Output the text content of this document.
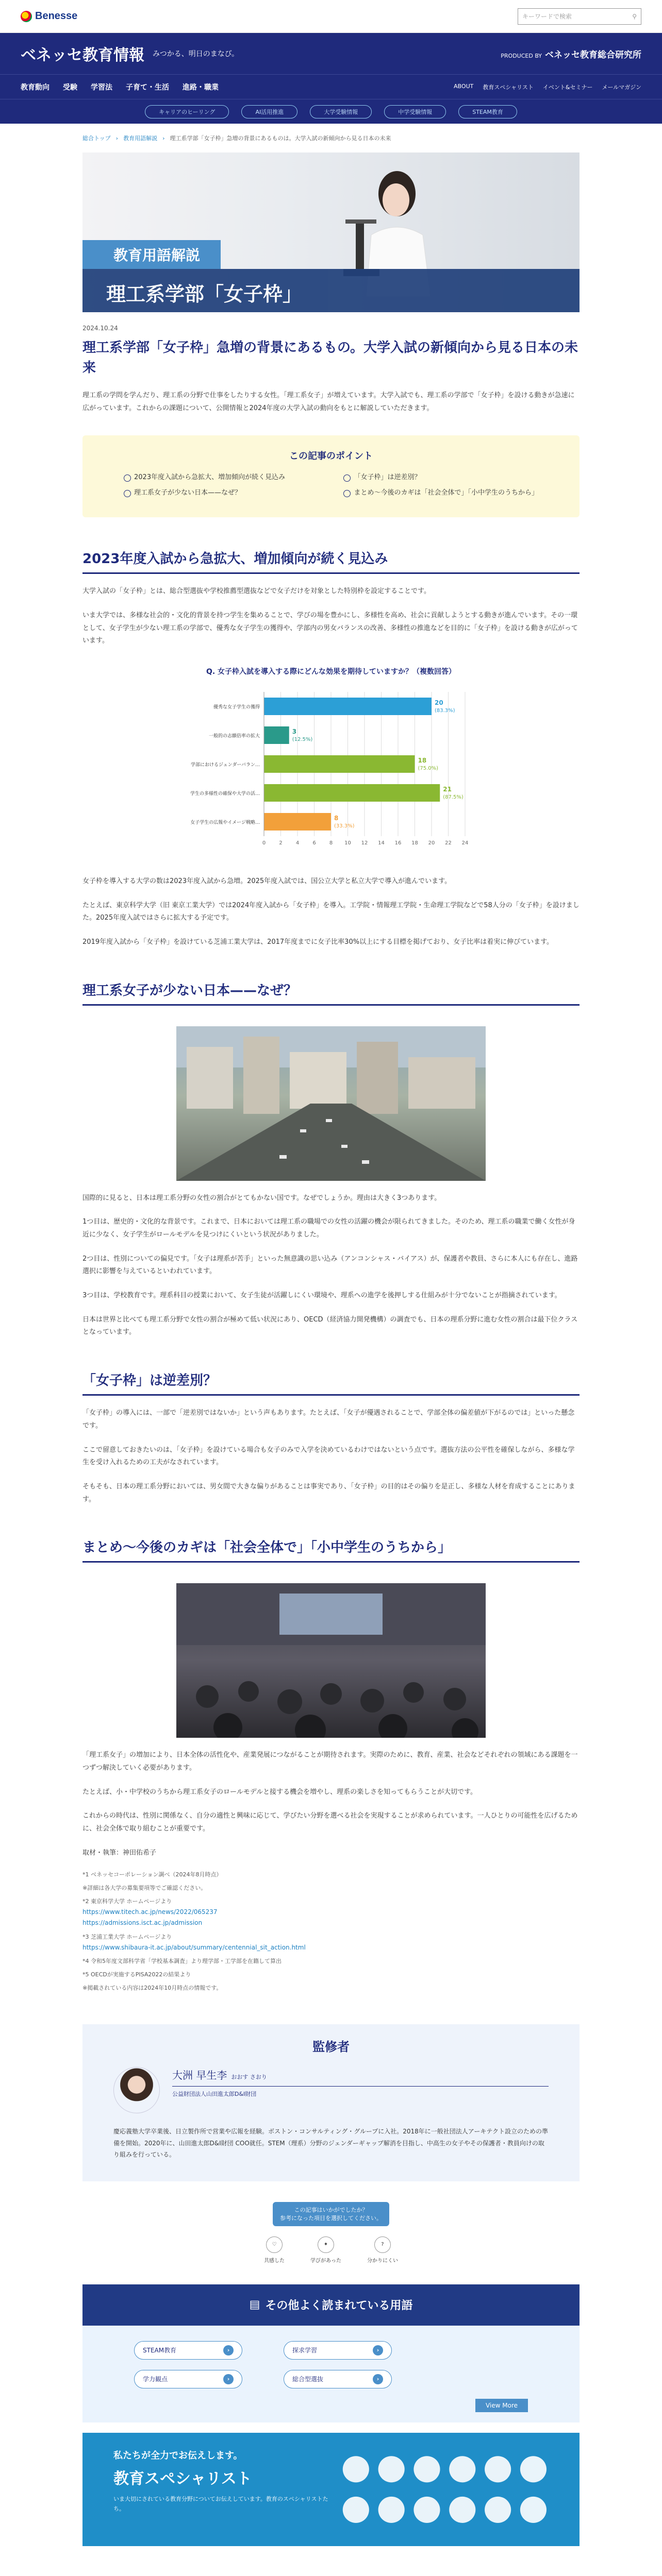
Benesse	キーワードで検索	⚲
ベネッセ教育情報 みつかる、明日のまなび。	PRODUCED BY ベネッセ教育総合研究所
教育動向 受験 学習法 子育て・生活 進路・職業	ABOUT 教育スペシャリスト イベント&セミナー メールマガジン
キャリアのヒーリング	AI活用推進	大学受験情報	中学受験情報	STEAM教育
総合トップ › 教育用語解説 › 理工系学部「女子枠」急増の背景にあるものは。大学入試の新傾向から見る日本の未来
教育用語解説
理工系学部「女子枠」
2024.10.24
理工系学部「女子枠」急増の背景にあるもの。大学入試の新傾向から見る日本の未来

理工系の学問を学んだり、理工系の分野で仕事をしたりする女性。「理工系女子」が増えています。大学入試でも、理工系の学部で「女子枠」を設ける動きが急速に広がっています。これからの課題について、公開情報と2024年度の大学入試の動向をもとに解説していただきます。

この記事のポイント
2023年度入試から急拡大、増加傾向が続く見込み
理工系女子が少ない日本——なぜ？
「女子枠」は逆差別？
まとめ～今後のカギは「社会全体で」「小中学生のうちから」
2023年度入試から急拡大、増加傾向が続く見込み

大学入試の「女子枠」とは、総合型選抜や学校推薦型選抜などで女子だけを対象とした特別枠を設定することです。

いま大学では、多様な社会的・文化的背景を持つ学生を集めることで、学びの場を豊かにし、多様性を高め、社会に貢献しようとする動きが進んでいます。その一環として、女子学生が少ない理工系の学部で、優秀な女子学生の獲得や、学部内の男女バランスの改善、多様性の推進などを目的に「女子枠」を設ける動きが広がっています。

Q. 女子枠入試を導入する際にどんな効果を期待していますか？（複数回答）
0	2	4	6	8 10 12 14 16 18 20 22 24
優秀な女子学生の獲得
20
(83.3%)
一般的の志願倍率の拡大
3
(12.5%)
学部におけるジェンダーバラン…
18
(75.0%)
学生の多様性の確保や大学の活…
21
(87.5%)
女子学生の広報やイメージ戦略…
8
(33.3%)

女子枠を導入する大学の数は2023年度入試から急増。2025年度入試では、国公立大学と私立大学で導入が進んでいます。

たとえば、東京科学大学（旧 東京工業大学）では2024年度入試から「女子枠」を導入。工学院・情報理工学院・生命理工学院などで58人分の「女子枠」を設けました。2025年度入試ではさらに拡大する予定です。

2019年度入試から「女子枠」を設けている芝浦工業大学は、2017年度までに女子比率30%以上にする目標を掲げており、女子比率は着実に伸びています。

理工系女子が少ない日本——なぜ？

国際的に見ると、日本は理工系分野の女性の割合がとてもかない国です。なぜでしょうか。理由は大きく3つあります。

1つ目は、歴史的・文化的な背景です。これまで、日本においては理工系の職場での女性の活躍の機会が限られてきました。そのため、理工系の職業で働く女性が身近に少なく、女子学生がロールモデルを見つけにくいという状況がありました。

2つ目は、性別についての偏見です。「女子は理系が苦手」といった無意識の思い込み（アンコンシャス・バイアス）が、保護者や教員、さらに本人にも存在し、進路選択に影響を与えているといわれています。

3つ目は、学校教育です。理系科目の授業において、女子生徒が活躍しにくい環境や、理系への進学を後押しする仕組みが十分でないことが指摘されています。

日本は世界と比べても理工系分野で女性の割合が極めて低い状況にあり、OECD（経済協力開発機構）の調査でも、日本の理系分野に進む女性の割合は最下位クラスとなっています。

「女子枠」は逆差別？

「女子枠」の導入には、一部で「逆差別ではないか」という声もあります。たとえば、「女子が優遇されることで、学部全体の偏差値が下がるのでは」といった懸念です。

ここで留意しておきたいのは、「女子枠」を設けている場合も女子のみで入学を決めているわけではないという点です。選抜方法の公平性を確保しながら、多様な学生を受け入れるための工夫がなされています。

そもそも、日本の理工系分野においては、男女間で大きな偏りがあることは事実であり、「女子枠」の目的はその偏りを是正し、多様な人材を育成することにあります。

まとめ～今後のカギは「社会全体で」「小中学生のうちから」

「理工系女子」の増加により、日本全体の活性化や、産業発展につながることが期待されます。実際のために、教育、産業、社会などそれぞれの領域にある課題を一つずつ解決していく必要があります。

たとえば、小・中学校のうちから理工系女子のロールモデルと接する機会を増やし、理系の楽しさを知ってもらうことが大切です。

これからの時代は、性別に関係なく、自分の適性と興味に応じて、学びたい分野を選べる社会を実現することが求められています。一人ひとりの可能性を広げるために、社会全体で取り組むことが重要です。

取材・執筆：神田佑希子

*1 ベネッセコーポレーション調べ（2024年8月時点）

※詳細は各大学の募集要項等でご確認ください。

*2 東京科学大学 ホームページより

https://www.titech.ac.jp/news/2022/065237

https://admissions.isct.ac.jp/admission

*3 芝浦工業大学 ホームページより

https://www.shibaura-it.ac.jp/about/summary/centennial_sit_action.html

*4 令和5年度文部科学省「学校基本調査」より理学部・工学部を在籍して算出

*5 OECDが実施するPISA2022の結果より

※掲載されている内容は2024年10月時点の情報です。

監修者
大洲 早生李 おおす さおり
公益財団法人山田進太郎D&I財団

慶応義塾大学卒業後、日立製作所で営業や広報を経験。ボストン・コンサルティング・グループに入社。2018年に一般社団法人アーキテクト設立のための準備を開始。2020年に、山田進太郎D&I財団 COO就任。STEM（理系）分野のジェンダーギャップ解消を目指し、中高生の女子やその保護者・教員向けの取り組みを行っている。

この記事はいかがでしたか？
参考になった項目を選択してください。
♡
共感した
✦
学びがあった
?
分かりにくい
▤ その他よく読まれている用語
STEAM教育	›	探求学習	›
学力観点	›	総合型選抜	›
View More
私たちが全力でお伝えします。
教育スペシャリスト
いま大切にされている教育分野についてお伝えしています。教育のスペシャリストたち。
